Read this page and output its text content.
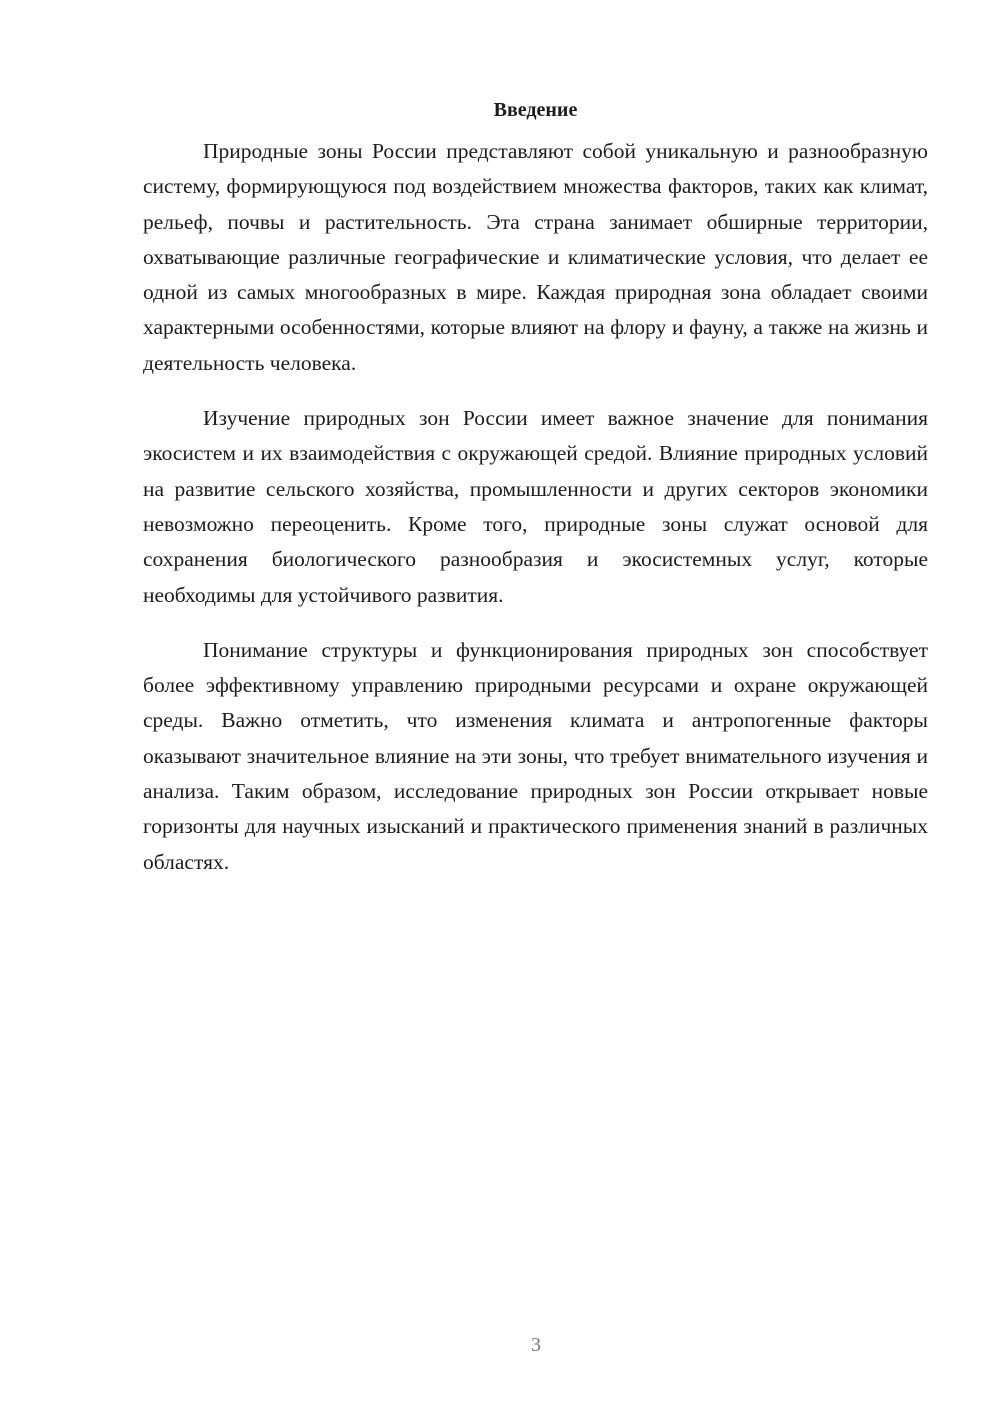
Введение

Природные зоны России представляют собой уникальную и разнообразную систему, формирующуюся под воздействием множества факторов, таких как климат, рельеф, почвы и растительность. Эта страна занимает обширные территории, охватывающие различные географические и климатические условия, что делает ее одной из самых многообразных в мире. Каждая природная зона обладает своими характерными особенностями, которые влияют на флору и фауну, а также на жизнь и деятельность человека.

Изучение природных зон России имеет важное значение для понимания экосистем и их взаимодействия с окружающей средой. Влияние природных условий на развитие сельского хозяйства, промышленности и других секторов экономики невозможно переоценить. Кроме того, природные зоны служат основой для сохранения биологического разнообразия и экосистемных услуг, которые необходимы для устойчивого развития.

Понимание структуры и функционирования природных зон способствует более эффективному управлению природными ресурсами и охране окружающей среды. Важно отметить, что изменения климата и антропогенные факторы оказывают значительное влияние на эти зоны, что требует внимательного изучения и анализа. Таким образом, исследование природных зон России открывает новые горизонты для научных изысканий и практического применения знаний в различных областях.

3
